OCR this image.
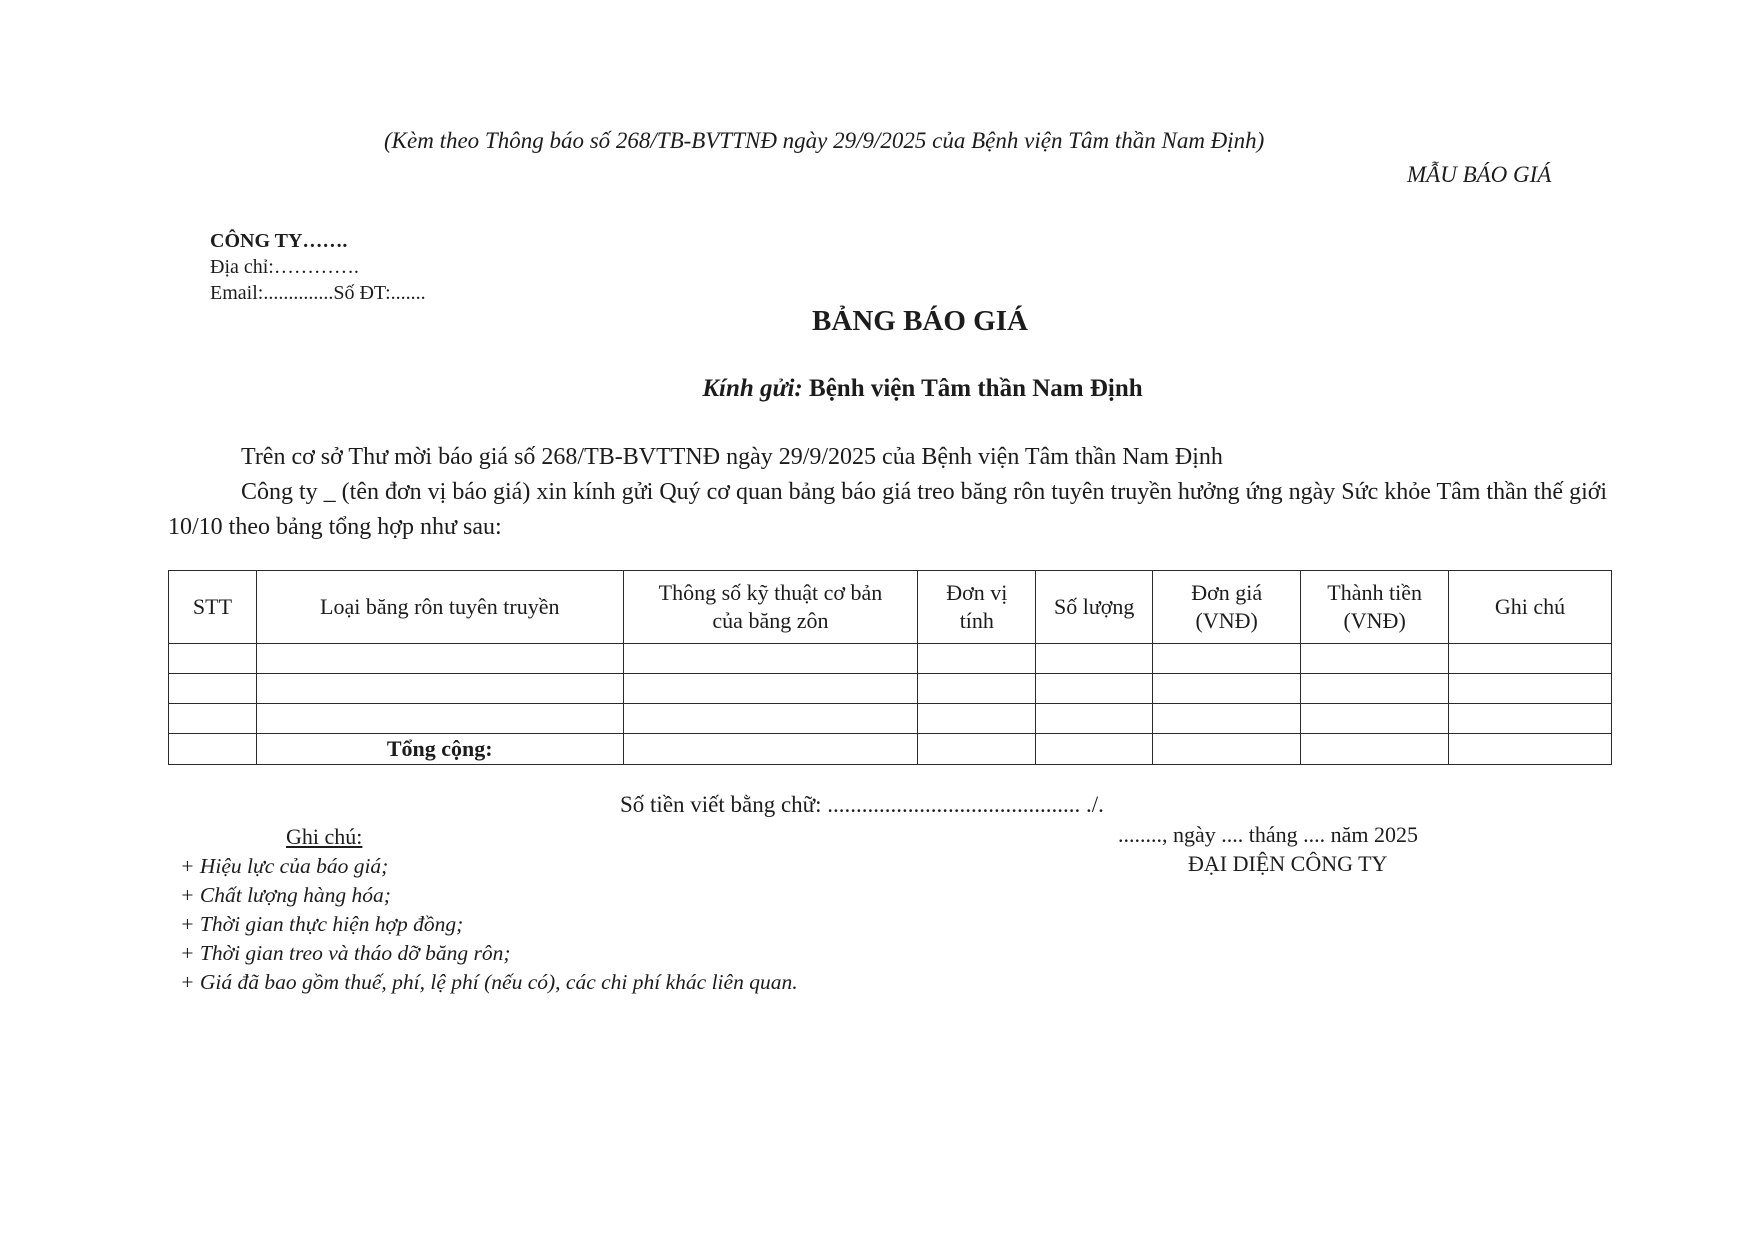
(Kèm theo Thông báo số 268/TB-BVTTNĐ ngày 29/9/2025 của Bệnh viện Tâm thần Nam Định)
MẪU BÁO GIÁ
CÔNG TY…….
Địa chỉ:………….
Email:..............Số ĐT:.......
BẢNG BÁO GIÁ
Kính gửi: Bệnh viện Tâm thần Nam Định
Trên cơ sở Thư mời báo giá số 268/TB-BVTTNĐ ngày 29/9/2025 của Bệnh viện Tâm thần Nam Định
Công ty _ (tên đơn vị báo giá) xin kính gửi Quý cơ quan bảng báo giá treo băng rôn tuyên truyền hưởng ứng ngày Sức khỏe Tâm thần thế giới 10/10 theo bảng tổng hợp như sau:
STT	Loại băng rôn tuyên truyền	Thông số kỹ thuật cơ bản của băng zôn	Đơn vị tính	Số lượng	Đơn giá (VNĐ)	Thành tiền (VNĐ)	Ghi chú

	Tổng cộng:						
Số tiền viết bằng chữ: ............................................ ./.
Ghi chú:
+ Hiệu lực của báo giá;
+ Chất lượng hàng hóa;
+ Thời gian thực hiện hợp đồng;
+ Thời gian treo và tháo dỡ băng rôn;
+ Giá đã bao gồm thuế, phí, lệ phí (nếu có), các chi phí khác liên quan.
........, ngày .... tháng .... năm 2025
ĐẠI DIỆN CÔNG TY
